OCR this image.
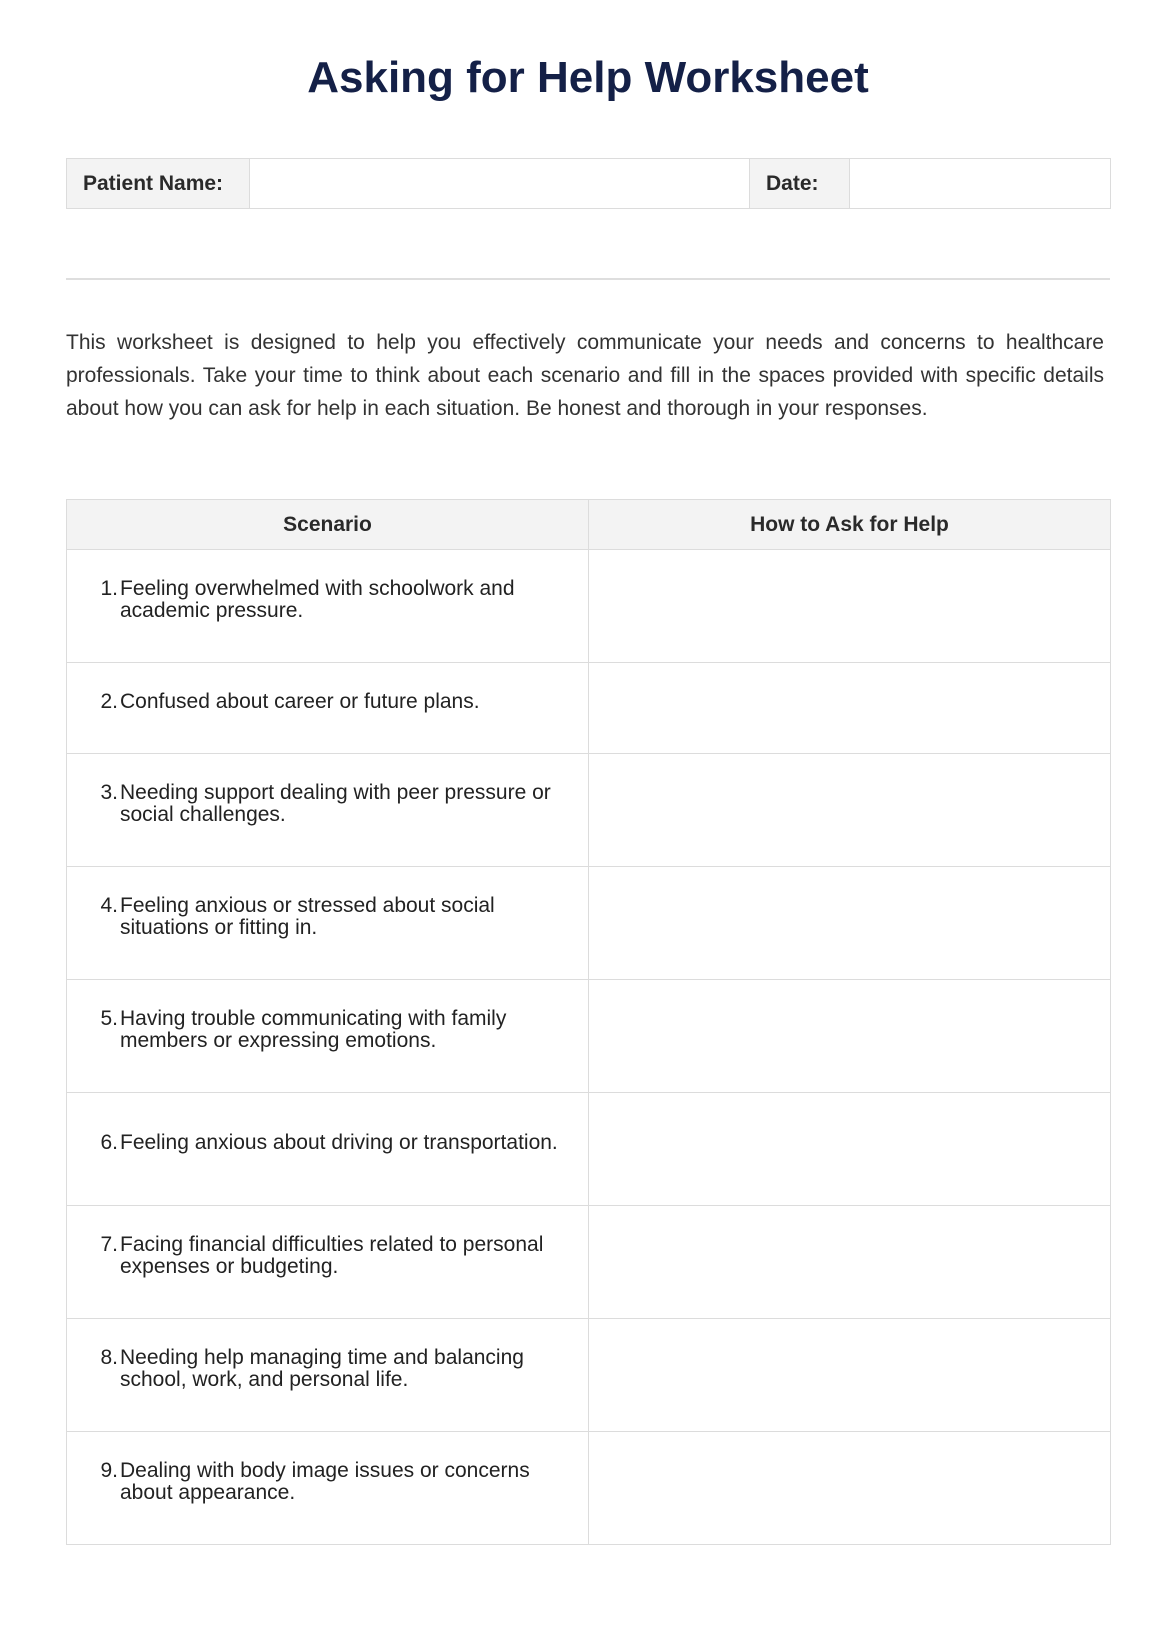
Asking for Help Worksheet
Patient Name:		Date:	

This worksheet is designed to help you effectively communicate your needs and concerns to healthcare professionals. Take your time to think about each scenario and fill in the spaces provided with specific details about how you can ask for help in each situation. Be honest and thorough in your responses.

Scenario	How to Ask for Help

1. Feeling overwhelmed with schoolwork and academic pressure.	

2. Confused about career or future plans.	

3. Needing support dealing with peer pressure or social challenges.	

4. Feeling anxious or stressed about social situations or fitting in.	

5. Having trouble communicating with family members or expressing emotions.	

6. Feeling anxious about driving or transportation.	

7. Facing financial difficulties related to personal expenses or budgeting.	

8. Needing help managing time and balancing school, work, and personal life.	

9. Dealing with body image issues or concerns about appearance.	
